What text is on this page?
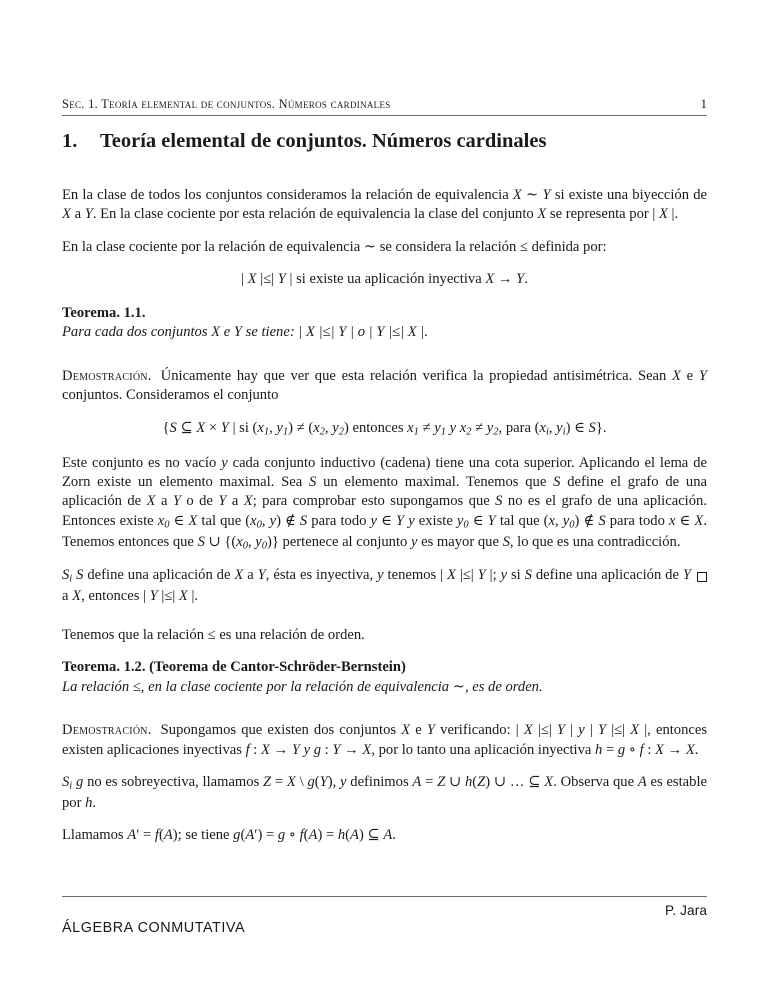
Sec. 1. Teoría elemental de conjuntos. Números cardinales	1
1.	Teoría elemental de conjuntos. Números cardinales

En la clase de todos los conjuntos consideramos la relación de equivalencia X ∼ Y si existe una biyección de X a Y. En la clase cociente por esta relación de equivalencia la clase del conjunto X se representa por | X |.

En la clase cociente por la relación de equivalencia ∼ se considera la relación ≤ definida por:

| X |≤| Y | si existe ua aplicación inyectiva X → Y.

Teorema. 1.1.

Para cada dos conjuntos X e Y se tiene: | X |≤| Y | o | Y |≤| X |.

Demostración. Únicamente hay que ver que esta relación verifica la propiedad antisimétrica. Sean X e Y conjuntos. Consideramos el conjunto

{S ⊆ X × Y | si ($x_1$, $y_1) \ne (x_2$, $y_2$) entonces $x_1 \ne y_1$ y $x_2 \ne y_2$, para ($x_i$, $y_i$) ∈ S}.

Este conjunto es no vacío y cada conjunto inductivo (cadena) tiene una cota superior. Aplicando el lema de Zorn existe un elemento maximal. Sea S un elemento maximal. Tenemos que S define el grafo de una aplicación de X a Y o de Y a X; para comprobar esto supongamos que S no es el grafo de una aplicación. Entonces existe $x_0$ ∈ X tal que ($x_0$, y) ∉ S para todo y ∈ Y y existe $y_0$ ∈ Y tal que (x, $y_0$) ∉ S para todo x ∈ X. Tenemos entonces que S ∪ {($x_0$, $y_0$)} pertenece al conjunto y es mayor que S, lo que es una contradicción.

$S_i$ S define una aplicación de X a Y, ésta es inyectiva, y tenemos | X |≤| Y |; y si S define una aplicación de Y a X, entonces | Y |≤| X |.

Tenemos que la relación ≤ es una relación de orden.

Teorema. 1.2. (Teorema de Cantor-Schröder-Bernstein)

La relación ≤, en la clase cociente por la relación de equivalencia ∼, es de orden.

Demostración. Supongamos que existen dos conjuntos X e Y verificando: | X |≤| Y | y | Y |≤| X |, entonces existen aplicaciones inyectivas f : X → Y y g : Y → X, por lo tanto una aplicación inyectiva h = g ∘ f : X → X.

$S_i$ g no es sobreyectiva, llamamos Z = X \ g(Y), y definimos A = Z ∪ h(Z) ∪ … ⊆ X. Observa que A es estable por h.

Llamamos A′ = f(A); se tiene g(A′) = g ∘ f(A) = h(A) ⊆ A.

P. Jara
ÁLGEBRA CONMUTATIVA
